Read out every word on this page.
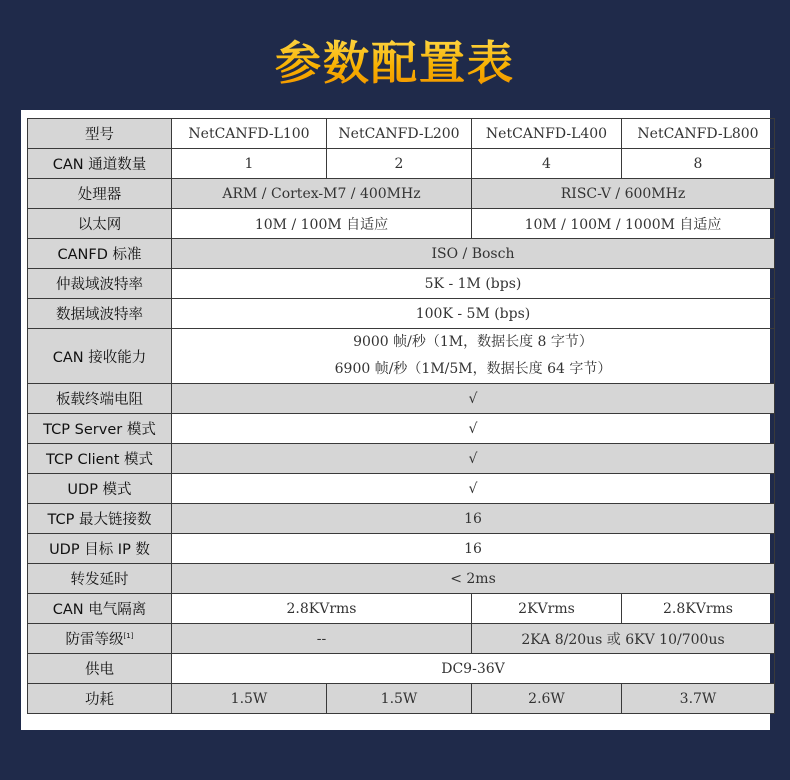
参数配置表
型号	NetCANFD-L100	NetCANFD-L200	NetCANFD-L400	NetCANFD-L800
CAN 通道数量	1	2	4	8
处理器	ARM / Cortex-M7 / 400MHz		RISC-V / 600MHz	
以太网	10M / 100M 自适应		10M / 100M / 1000M 自适应	
CANFD 标准	ISO / Bosch			
仲裁域波特率	5K - 1M (bps)			
数据域波特率	100K - 5M (bps)			
CAN 接收能力	9000 帧/秒（1M，数据长度 8 字节）
6900 帧/秒（1M/5M，数据长度 64 字节）			

板载终端电阻	√			
TCP Server 模式	√			
TCP Client 模式	√			
UDP 模式	√			
TCP 最大链接数	16			
UDP 目标 IP 数	16			
转发延时	< 2ms			
CAN 电气隔离	2.8KVrms		2KVrms	2.8KVrms
防雷等级[1]	--		2KA 8/20us 或 6KV 10/700us	
供电	DC9-36V			
功耗	1.5W	1.5W	2.6W	3.7W
